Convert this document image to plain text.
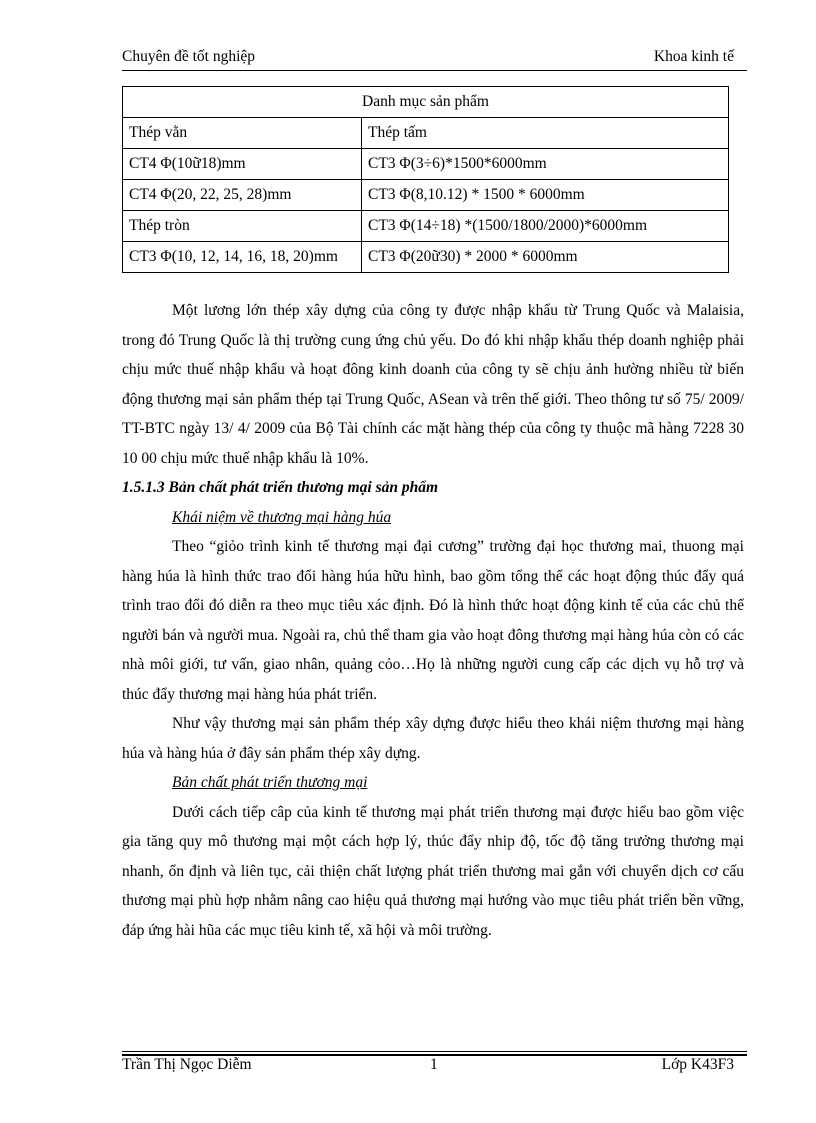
Chuyên đề tốt nghiệp	Khoa kinh tế
Danh mục sản phẩm	
Thép vằn	Thép tấm
CT4 Φ(10ữ18)mm	CT3 Φ(3÷6)*1500*6000mm
CT4 Φ(20, 22, 25, 28)mm	CT3 Φ(8,10.12) * 1500 * 6000mm
Thép tròn	CT3 Φ(14÷18) *(1500/1800/2000)*6000mm
CT3 Φ(10, 12, 14, 16, 18, 20)mm	CT3 Φ(20ữ30) * 2000 * 6000mm

Một lương lớn thép xây dựng của công ty được nhập khẩu từ Trung Quốc và Malaisia, trong đó Trung Quốc là thị trường cung ứng chủ yếu. Do đó khi nhập khẩu thép doanh nghiệp phải chịu mức thuế nhập khẩu và hoạt đông kinh doanh của công ty sẽ chịu ảnh hường nhiều từ biến động thương mại sản phẩm thép tại Trung Quốc, ASean và trên thế giới. Theo thông tư số 75/ 2009/ TT-BTC ngày 13/ 4/ 2009 của Bộ Tài chính các mặt hàng thép của công ty thuộc mã hàng 7228 30 10 00 chịu mức thuế nhập khẩu là 10%.

1.5.1.3 Bản chất phát triển thương mại sản phẩm

Khái niệm về thương mại hàng húa

Theo “giỏo trình kinh tế thương mại đại cương” trường đại học thương mai, thuong mại hàng húa là hình thức trao đổi hàng húa hữu hình, bao gồm tổng thể các hoạt động thúc đẩy quá trình trao đổi đó diễn ra theo mục tiêu xác định. Đó là hình thức hoạt động kinh tế của các chủ thể người bán và người mua. Ngoài ra, chủ thể tham gia vào hoạt đông thương mại hàng húa còn có các nhà môi giới, tư vấn, giao nhân, quảng cỏo…Họ là những người cung cấp các dịch vụ hỗ trợ và thúc đẩy thương mại hàng húa phát triển.

Như vậy thương mại sản phẩm thép xây dựng được hiểu theo khái niệm thương mại hàng húa và hàng húa ở đây sản phẩm thép xây dựng.

Bản chất phát triển thương mại

Dưới cách tiếp câp của kinh tế thương mại phát triển thương mại được hiểu bao gồm việc gia tăng quy mô thương mại một cách hợp lý, thúc đẩy nhip độ, tốc độ tăng trưởng thương mại nhanh, ổn định và liên tục, cải thiện chất lượng phát triển thương mai gắn với chuyển dịch cơ cấu thương mại phù hợp nhằm nâng cao hiệu quả thương mại hướng vào mục tiêu phát triển bền vững, đáp ứng hài hũa các mục tiêu kinh tế, xã hội và môi trường.

Trần Thị Ngọc Diễm	1	Lớp K43F3
